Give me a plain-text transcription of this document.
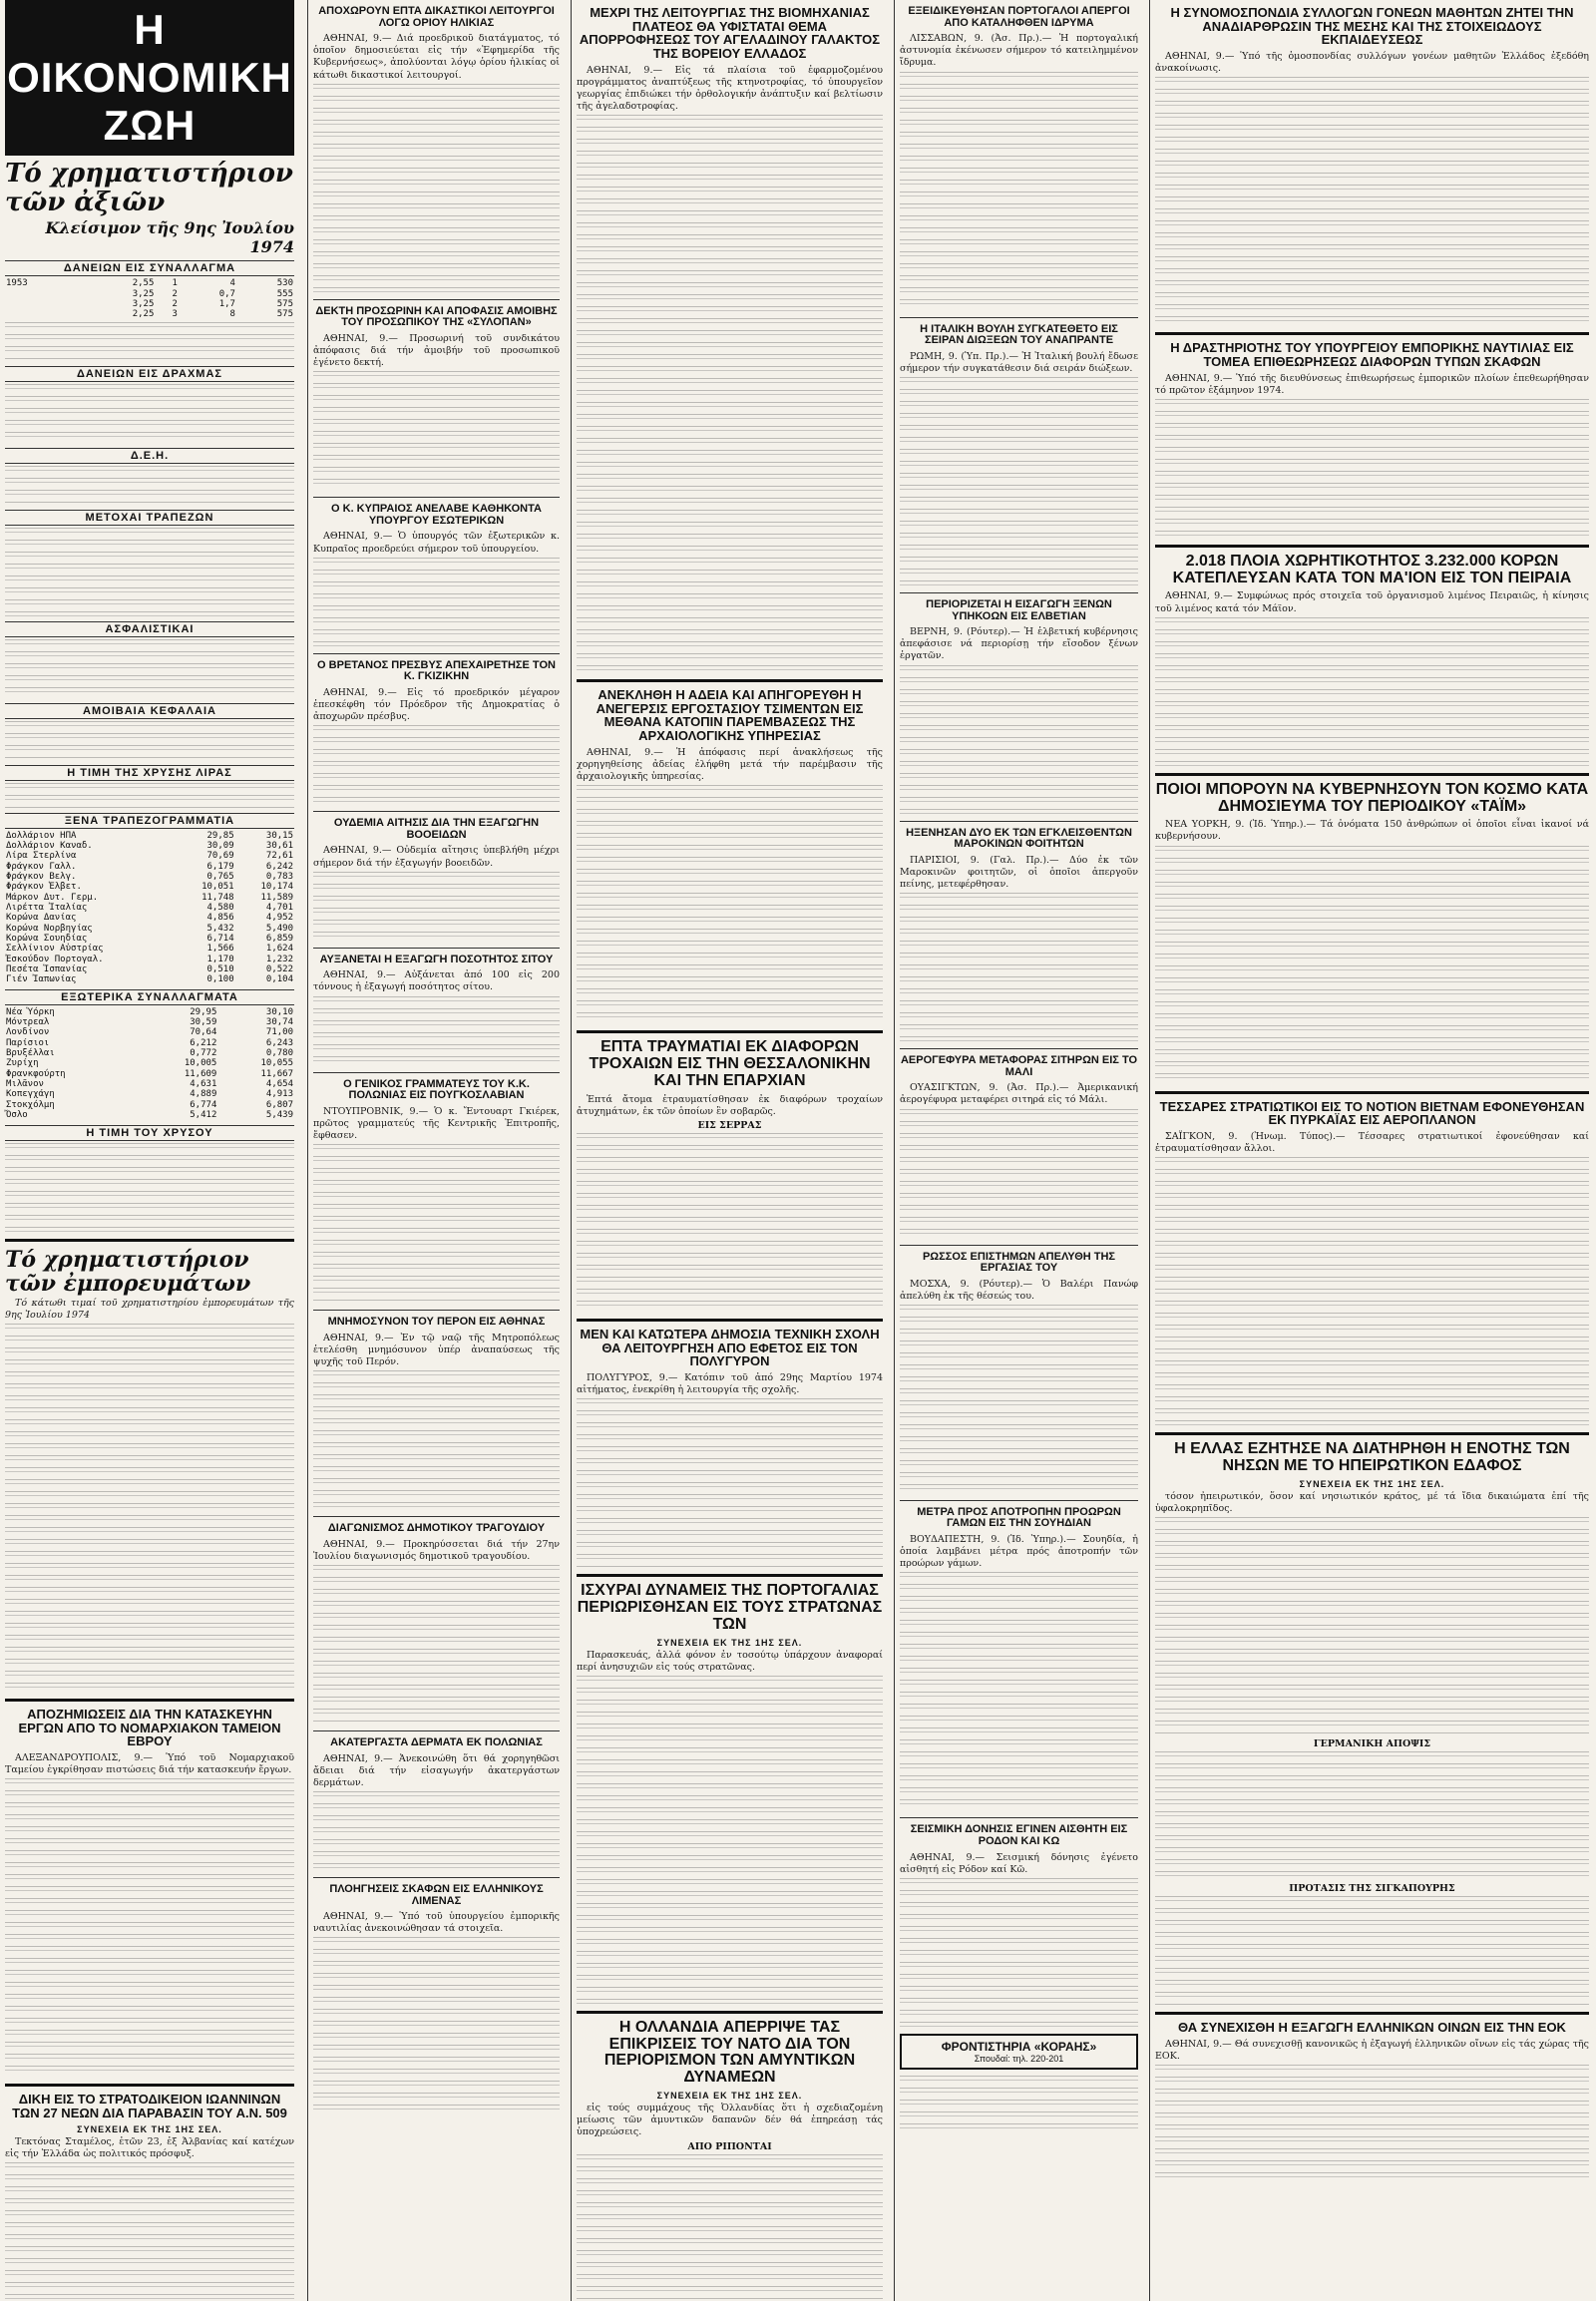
Η ΟΙΚΟΝΟΜΙΚΗ ΖΩΗ
Τό χρηματιστήριον τῶν ἀξιῶν
Κλείσιμον τῆς 9ης Ἰουλίου 1974
ΔΑΝΕΙΩΝ ΕΙΣ ΣΥΝΑΛΛΑΓΜΑ
1953	2,55	1	4	530
	3,25	2	0,7	555
	3,25	2	1,7	575
	2,25	3	8	575
ΔΑΝΕΙΩΝ ΕΙΣ ΔΡΑΧΜΑΣ
Δ.Ε.Η.
ΜΕΤΟΧΑΙ ΤΡΑΠΕΖΩΝ
ΑΣΦΑΛΙΣΤΙΚΑΙ
ΑΜΟΙΒΑΙΑ ΚΕΦΑΛΑΙΑ
Η ΤΙΜΗ ΤΗΣ ΧΡΥΣΗΣ ΛΙΡΑΣ
ΞΕΝΑ ΤΡΑΠΕΖΟΓΡΑΜΜΑΤΙΑ
Δολλάριον ΗΠΑ	29,85	30,15
Δολλάριον Καναδ.	30,09	30,61
Λίρα Στερλίνα	70,69	72,61
Φράγκον Γαλλ.	6,179	6,242
Φράγκον Βελγ.	0,765	0,783
Φράγκον Ἑλβετ.	10,051	10,174
Μάρκον Δυτ. Γερμ.	11,748	11,589
Λιρέττα Ἰταλίας	4,580	4,701
Κορώνα Δανίας	4,856	4,952
Κορώνα Νορβηγίας	5,432	5,490
Κορώνα Σουηδίας	6,714	6,859
Σελλίνιον Αὐστρίας	1,566	1,624
Ἐσκούδον Πορτογαλ.	1,170	1,232
Πεσέτα Ἱσπανίας	0,510	0,522
Γιέν Ἰαπωνίας	0,100	0,104
ΕΞΩΤΕΡΙΚΑ ΣΥΝΑΛΛΑΓΜΑΤΑ
Νέα Ὑόρκη	29,95	30,10
Μόντρεαλ	30,59	30,74
Λονδίνον	70,64	71,00
Παρίσιοι	6,212	6,243
Βρυξέλλαι	0,772	0,780
Ζυρίχη	10,005	10,055
Φρανκφούρτη	11,609	11,667
Μιλᾶνον	4,631	4,654
Κοπεγχάγη	4,889	4,913
Στοκχόλμη	6,774	6,807
Ὄσλο	5,412	5,439
Η ΤΙΜΗ ΤΟΥ ΧΡΥΣΟΥ
Τό χρηματιστήριον τῶν ἐμπορευμάτων

Τό κάτωθι τιμαί τοῦ χρηματιστηρίου ἐμπορευμάτων τῆς 9ης Ἰουλίου 1974

ΑΠΟΖΗΜΙΩΣΕΙΣ ΔΙΑ ΤΗΝ ΚΑΤΑΣΚΕΥΗΝ ΕΡΓΩΝ ΑΠΟ ΤΟ ΝΟΜΑΡΧΙΑΚΟΝ ΤΑΜΕΙΟΝ ΕΒΡΟΥ

ΑΛΕΞΑΝΔΡΟΥΠΟΛΙΣ, 9.— Ὑπό τοῦ Νομαρχιακοῦ Ταμείου ἐγκρίθησαν πιστώσεις διά τήν κατασκευήν ἔργων.

ΔΙΚΗ ΕΙΣ ΤΟ ΣΤΡΑΤΟΔΙΚΕΙΟΝ ΙΩΑΝΝΙΝΩΝ ΤΩΝ 27 ΝΕΩΝ ΔΙΑ ΠΑΡΑΒΑΣΙΝ ΤΟΥ Α.Ν. 509
ΣΥΝΕΧΕΙΑ ΕΚ ΤΗΣ 1ΗΣ ΣΕΛ.

Τεκτόνας Σταμέλος, ἐτῶν 23, ἐξ Ἀλβανίας καί κατέχων εἰς τήν Ἑλλάδα ὡς πολιτικός πρόσφυξ.

ΑΠΟΧΩΡΟΥΝ ΕΠΤΑ ΔΙΚΑΣΤΙΚΟΙ ΛΕΙΤΟΥΡΓΟΙ ΛΟΓΩ ΟΡΙΟΥ ΗΛΙΚΙΑΣ

ΑΘΗΝΑΙ, 9.— Διά προεδρικοῦ διατάγματος, τό ὁποῖον δημοσιεύεται εἰς τήν «Ἐφημερίδα τῆς Κυβερνήσεως», ἀπολύονται λόγῳ ὁρίου ἡλικίας οἱ κάτωθι δικαστικοί λειτουργοί.

ΔΕΚΤΗ ΠΡΟΣΩΡΙΝΗ ΚΑΙ ΑΠΟΦΑΣΙΣ ΑΜΟΙΒΗΣ ΤΟΥ ΠΡΟΣΩΠΙΚΟΥ ΤΗΣ «ΣΥΛΟΠΑΝ»

ΑΘΗΝΑΙ, 9.— Προσωρινή τοῦ συνδικάτου ἀπόφασις διά τήν ἀμοιβήν τοῦ προσωπικοῦ ἐγένετο δεκτή.

Ο Κ. ΚΥΠΡΑΙΟΣ ΑΝΕΛΑΒΕ ΚΑΘΗΚΟΝΤΑ ΥΠΟΥΡΓΟΥ ΕΣΩΤΕΡΙΚΩΝ

ΑΘΗΝΑΙ, 9.— Ὁ ὑπουργός τῶν ἐξωτερικῶν κ. Κυπραῖος προεδρεύει σήμερον τοῦ ὑπουργείου.

Ο ΒΡΕΤΑΝΟΣ ΠΡΕΣΒΥΣ ΑΠΕΧΑΙΡΕΤΗΣΕ ΤΟΝ Κ. ΓΚΙΖΙΚΗΝ

ΑΘΗΝΑΙ, 9.— Εἰς τό προεδρικόν μέγαρον ἐπεσκέφθη τόν Πρόεδρον τῆς Δημοκρατίας ὁ ἀποχωρῶν πρέσβυς.

ΟΥΔΕΜΙΑ ΑΙΤΗΣΙΣ ΔΙΑ ΤΗΝ ΕΞΑΓΩΓΗΝ ΒΟΟΕΙΔΩΝ

ΑΘΗΝΑΙ, 9.— Οὐδεμία αἴτησις ὑπεβλήθη μέχρι σήμερον διά τήν ἐξαγωγήν βοοειδῶν.

ΑΥΞΑΝΕΤΑΙ Η ΕΞΑΓΩΓΗ ΠΟΣΟΤΗΤΟΣ ΣΙΤΟΥ

ΑΘΗΝΑΙ, 9.— Αὐξάνεται ἀπό 100 εἰς 200 τόννους ἡ ἐξαγωγή ποσότητος σίτου.

Ο ΓΕΝΙΚΟΣ ΓΡΑΜΜΑΤΕΥΣ ΤΟΥ Κ.Κ. ΠΟΛΩΝΙΑΣ ΕΙΣ ΠΟΥΓΚΟΣΛΑΒΙΑΝ

ΝΤΟΥΠΡΟΒΝΙΚ, 9.— Ὁ κ. Ἔντουαρτ Γκιέρεκ, πρῶτος γραμματεύς τῆς Κεντρικῆς Ἐπιτροπῆς, ἔφθασεν.

ΜΝΗΜΟΣΥΝΟΝ ΤΟΥ ΠΕΡΟΝ ΕΙΣ ΑΘΗΝΑΣ

ΑΘΗΝΑΙ, 9.— Ἐν τῷ ναῷ τῆς Μητροπόλεως ἐτελέσθη μνημόσυνον ὑπέρ ἀναπαύσεως τῆς ψυχῆς τοῦ Περόν.

ΔΙΑΓΩΝΙΣΜΟΣ ΔΗΜΟΤΙΚΟΥ ΤΡΑΓΟΥΔΙΟΥ

ΑΘΗΝΑΙ, 9.— Προκηρύσσεται διά τήν 27ην Ἰουλίου διαγωνισμός δημοτικοῦ τραγουδίου.

ΑΚΑΤΕΡΓΑΣΤΑ ΔΕΡΜΑΤΑ ΕΚ ΠΟΛΩΝΙΑΣ

ΑΘΗΝΑΙ, 9.— Ἀνεκοινώθη ὅτι θά χορηγηθῶσι ἄδειαι διά τήν εἰσαγωγήν ἀκατεργάστων δερμάτων.

ΠΛΟΗΓΗΣΕΙΣ ΣΚΑΦΩΝ ΕΙΣ ΕΛΛΗΝΙΚΟΥΣ ΛΙΜΕΝΑΣ

ΑΘΗΝΑΙ, 9.— Ὑπό τοῦ ὑπουργείου ἐμπορικῆς ναυτιλίας ἀνεκοινώθησαν τά στοιχεῖα.

ΜΕΧΡΙ ΤΗΣ ΛΕΙΤΟΥΡΓΙΑΣ ΤΗΣ ΒΙΟΜΗΧΑΝΙΑΣ ΠΛΑΤΕΟΣ ΘΑ ΥΦΙΣΤΑΤΑΙ ΘΕΜΑ ΑΠΟΡΡΟΦΗΣΕΩΣ ΤΟΥ ΑΓΕΛΑΔΙΝΟΥ ΓΑΛΑΚΤΟΣ ΤΗΣ ΒΟΡΕΙΟΥ ΕΛΛΑΔΟΣ

ΑΘΗΝΑΙ, 9.— Εἰς τά πλαίσια τοῦ ἐφαρμοζομένου προγράμματος ἀναπτύξεως τῆς κτηνοτροφίας, τό ὑπουργεῖον γεωργίας ἐπιδιώκει τήν ὀρθολογικήν ἀνάπτυξιν καί βελτίωσιν τῆς ἀγελαδοτροφίας.

ΑΝΕΚΛΗΘΗ Η ΑΔΕΙΑ ΚΑΙ ΑΠΗΓΟΡΕΥΘΗ Η ΑΝΕΓΕΡΣΙΣ ΕΡΓΟΣΤΑΣΙΟΥ ΤΣΙΜΕΝΤΩΝ ΕΙΣ ΜΕΘΑΝΑ ΚΑΤΟΠΙΝ ΠΑΡΕΜΒΑΣΕΩΣ ΤΗΣ ΑΡΧΑΙΟΛΟΓΙΚΗΣ ΥΠΗΡΕΣΙΑΣ

ΑΘΗΝΑΙ, 9.— Ἡ ἀπόφασις περί ἀνακλήσεως τῆς χορηγηθείσης ἀδείας ἐλήφθη μετά τήν παρέμβασιν τῆς ἀρχαιολογικῆς ὑπηρεσίας.

ΕΠΤΑ ΤΡΑΥΜΑΤΙΑΙ ΕΚ ΔΙΑΦΟΡΩΝ ΤΡΟΧΑΙΩΝ ΕΙΣ ΤΗΝ ΘΕΣΣΑΛΟΝΙΚΗΝ ΚΑΙ ΤΗΝ ΕΠΑΡΧΙΑΝ

Ἑπτά ἄτομα ἐτραυματίσθησαν ἐκ διαφόρων τροχαίων ἀτυχημάτων, ἐκ τῶν ὁποίων ἓν σοβαρῶς.

ΕΙΣ ΣΕΡΡΑΣ
ΜΕΝ ΚΑΙ ΚΑΤΩΤΕΡΑ ΔΗΜΟΣΙΑ ΤΕΧΝΙΚΗ ΣΧΟΛΗ ΘΑ ΛΕΙΤΟΥΡΓΗΣΗ ΑΠΟ ΕΦΕΤΟΣ ΕΙΣ ΤΟΝ ΠΟΛΥΓΥΡΟΝ

ΠΟΛΥΓΥΡΟΣ, 9.— Κατόπιν τοῦ ἀπό 29ης Μαρτίου 1974 αἰτήματος, ἐνεκρίθη ἡ λειτουργία τῆς σχολῆς.

ΙΣΧΥΡΑΙ ΔΥΝΑΜΕΙΣ ΤΗΣ ΠΟΡΤΟΓΑΛΙΑΣ ΠΕΡΙΩΡΙΣΘΗΣΑΝ ΕΙΣ ΤΟΥΣ ΣΤΡΑΤΩΝΑΣ ΤΩΝ
ΣΥΝΕΧΕΙΑ ΕΚ ΤΗΣ 1ΗΣ ΣΕΛ.

Παρασκευάς, ἀλλά φόνον ἐν τοσούτῳ ὑπάρχουν ἀναφοραί περί ἀνησυχιῶν εἰς τούς στρατῶνας.

Η ΟΛΛΑΝΔΙΑ ΑΠΕΡΡΙΨΕ ΤΑΣ ΕΠΙΚΡΙΣΕΙΣ ΤΟΥ ΝΑΤΟ ΔΙΑ ΤΟΝ ΠΕΡΙΟΡΙΣΜΟΝ ΤΩΝ ΑΜΥΝΤΙΚΩΝ ΔΥΝΑΜΕΩΝ
ΣΥΝΕΧΕΙΑ ΕΚ ΤΗΣ 1ΗΣ ΣΕΛ.

εἰς τούς συμμάχους τῆς Ὀλλανδίας ὅτι ἡ σχεδιαζομένη μείωσις τῶν ἀμυντικῶν δαπανῶν δέν θά ἐπηρεάσῃ τάς ὑποχρεώσεις.

ΑΠΟ ΡΙΠΟΝΤΑΙ
ΕΞΕΙΔΙΚΕΥΘΗΣΑΝ ΠΟΡΤΟΓΑΛΟΙ ΑΠΕΡΓΟΙ ΑΠΟ ΚΑΤΑΛΗΦΘΕΝ ΙΔΡΥΜΑ

ΛΙΣΣΑΒΩΝ, 9. (Ἀσ. Πρ.).— Ἡ πορτογαλική ἀστυνομία ἐκένωσεν σήμερον τό κατειλημμένον ἴδρυμα.

Η ΙΤΑΛΙΚΗ ΒΟΥΛΗ ΣΥΓΚΑΤΕΘΕΤΟ ΕΙΣ ΣΕΙΡΑΝ ΔΙΩΞΕΩΝ ΤΟΥ ΑΝΑΠΡΑΝΤΕ

ΡΩΜΗ, 9. (Ὑπ. Πρ.).— Ἡ Ἰταλική βουλή ἔδωσε σήμερον τήν συγκατάθεσιν διά σειράν διώξεων.

ΠΕΡΙΟΡΙΖΕΤΑΙ Η ΕΙΣΑΓΩΓΗ ΞΕΝΩΝ ΥΠΗΚΟΩΝ ΕΙΣ ΕΛΒΕΤΙΑΝ

ΒΕΡΝΗ, 9. (Ρόυτερ).— Ἡ ἑλβετική κυβέρνησις ἀπεφάσισε νά περιορίσῃ τήν εἴσοδον ξένων ἐργατῶν.

ΗΞΕΝΗΣΑΝ ΔΥΟ ΕΚ ΤΩΝ ΕΓΚΛΕΙΣΘΕΝΤΩΝ ΜΑΡΟΚΙΝΩΝ ΦΟΙΤΗΤΩΝ

ΠΑΡΙΣΙΟΙ, 9. (Γαλ. Πρ.).— Δύο ἐκ τῶν Μαροκινῶν φοιτητῶν, οἱ ὁποῖοι ἀπεργοῦν πείνης, μετεφέρθησαν.

ΑΕΡΟΓΕΦΥΡΑ ΜΕΤΑΦΟΡΑΣ ΣΙΤΗΡΩΝ ΕΙΣ ΤΟ ΜΑΛΙ

ΟΥΑΣΙΓΚΤΩΝ, 9. (Ἀσ. Πρ.).— Ἀμερικανική ἀερογέφυρα μεταφέρει σιτηρά εἰς τό Μάλι.

ΡΩΣΣΟΣ ΕΠΙΣΤΗΜΩΝ ΑΠΕΛΥΘΗ ΤΗΣ ΕΡΓΑΣΙΑΣ ΤΟΥ

ΜΟΣΧΑ, 9. (Ρόυτερ).— Ὁ Βαλέρι Πανώφ ἀπελύθη ἐκ τῆς θέσεώς του.

ΜΕΤΡΑ ΠΡΟΣ ΑΠΟΤΡΟΠΗΝ ΠΡΟΩΡΩΝ ΓΑΜΩΝ ΕΙΣ ΤΗΝ ΣΟΥΗΔΙΑΝ

ΒΟΥΔΑΠΕΣΤΗ, 9. (Ἰδ. Ὑπηρ.).— Σουηδία, ἡ ὁποία λαμβάνει μέτρα πρός ἀποτροπήν τῶν προώρων γάμων.

ΣΕΙΣΜΙΚΗ ΔΟΝΗΣΙΣ ΕΓΙΝΕΝ ΑΙΣΘΗΤΗ ΕΙΣ ΡΟΔΟΝ ΚΑΙ ΚΩ

ΑΘΗΝΑΙ, 9.— Σεισμική δόνησις ἐγένετο αἰσθητή εἰς Ρόδον καί Κῶ.

ΦΡΟΝΤΙΣΤΗΡΙΑ «ΚΟΡΑΗΣ»
Σπουδαί: τηλ. 220-201
Η ΣΥΝΟΜΟΣΠΟΝΔΙΑ ΣΥΛΛΟΓΩΝ ΓΟΝΕΩΝ ΜΑΘΗΤΩΝ ΖΗΤΕΙ ΤΗΝ ΑΝΑΔΙΑΡΘΡΩΣΙΝ ΤΗΣ ΜΕΣΗΣ ΚΑΙ ΤΗΣ ΣΤΟΙΧΕΙΩΔΟΥΣ ΕΚΠΑΙΔΕΥΣΕΩΣ

ΑΘΗΝΑΙ, 9.— Ὑπό τῆς ὁμοσπονδίας συλλόγων γονέων μαθητῶν Ἑλλάδος ἐξεδόθη ἀνακοίνωσις.

Η ΔΡΑΣΤΗΡΙΟΤΗΣ ΤΟΥ ΥΠΟΥΡΓΕΙΟΥ ΕΜΠΟΡΙΚΗΣ ΝΑΥΤΙΛΙΑΣ ΕΙΣ ΤΟΜΕΑ ΕΠΙΘΕΩΡΗΣΕΩΣ ΔΙΑΦΟΡΩΝ ΤΥΠΩΝ ΣΚΑΦΩΝ

ΑΘΗΝΑΙ, 9.— Ὑπό τῆς διευθύνσεως ἐπιθεωρήσεως ἐμπορικῶν πλοίων ἐπεθεωρήθησαν τό πρῶτον ἑξάμηνον 1974.

2.018 ΠΛΟΙΑ ΧΩΡΗΤΙΚΟΤΗΤΟΣ 3.232.000 ΚΟΡΩΝ ΚΑΤΕΠΛΕΥΣΑΝ ΚΑΤΑ ΤΟΝ ΜΑ'ΙΟΝ ΕΙΣ ΤΟΝ ΠΕΙΡΑΙΑ

ΑΘΗΝΑΙ, 9.— Συμφώνως πρός στοιχεῖα τοῦ ὀργανισμοῦ λιμένος Πειραιῶς, ἡ κίνησις τοῦ λιμένος κατά τόν Μάϊον.

ΠΟΙΟΙ ΜΠΟΡΟΥΝ ΝΑ ΚΥΒΕΡΝΗΣΟΥΝ ΤΟΝ ΚΟΣΜΟ ΚΑΤΑ ΔΗΜΟΣΙΕΥΜΑ ΤΟΥ ΠΕΡΙΟΔΙΚΟΥ «ΤΑΪΜ»

ΝΕΑ ΥΟΡΚΗ, 9. (Ἰδ. Ὑπηρ.).— Τά ὀνόματα 150 ἀνθρώπων οἱ ὁποῖοι εἶναι ἱκανοί νά κυβερνήσουν.

ΤΕΣΣΑΡΕΣ ΣΤΡΑΤΙΩΤΙΚΟΙ ΕΙΣ ΤΟ ΝΟΤΙΟΝ ΒΙΕΤΝΑΜ ΕΦΟΝΕΥΘΗΣΑΝ ΕΚ ΠΥΡΚΑΪΑΣ ΕΙΣ ΑΕΡΟΠΛΑΝΟΝ

ΣΑΪΓΚΟΝ, 9. (Ἠνωμ. Τύπος).— Τέσσαρες στρατιωτικοί ἐφονεύθησαν καί ἐτραυματίσθησαν ἄλλοι.

Η ΕΛΛΑΣ ΕΖΗΤΗΣΕ ΝΑ ΔΙΑΤΗΡΗΘΗ Η ΕΝΟΤΗΣ ΤΩΝ ΝΗΣΩΝ ΜΕ ΤΟ ΗΠΕΙΡΩΤΙΚΟΝ ΕΔΑΦΟΣ
ΣΥΝΕΧΕΙΑ ΕΚ ΤΗΣ 1ΗΣ ΣΕΛ.

τόσον ἠπειρωτικόν, ὅσον καί νησιωτικόν κράτος, μέ τά ἴδια δικαιώματα ἐπί τῆς ὑφαλοκρηπῖδος.

ΓΕΡΜΑΝΙΚΗ ΑΠΟΨΙΣ
ΠΡΟΤΑΣΙΣ ΤΗΣ ΣΙΓΚΑΠΟΥΡΗΣ
ΘΑ ΣΥΝΕΧΙΣΘΗ Η ΕΞΑΓΩΓΗ ΕΛΛΗΝΙΚΩΝ ΟΙΝΩΝ ΕΙΣ ΤΗΝ ΕΟΚ

ΑΘΗΝΑΙ, 9.— Θά συνεχισθῇ κανονικῶς ἡ ἐξαγωγή ἑλληνικῶν οἴνων εἰς τάς χώρας τῆς ΕΟΚ.
